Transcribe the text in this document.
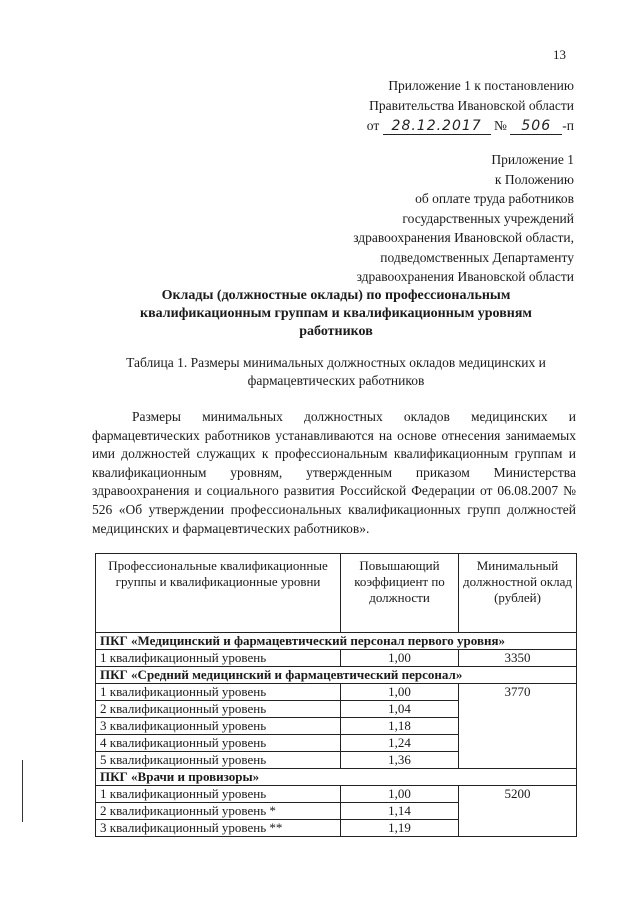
13
Приложение 1 к постановлению
Правительства Ивановской области
от 28.12.2017 № 506 -п
Приложение 1
к Положению
об оплате труда работников
государственных учреждений
здравоохранения Ивановской области,
подведомственных Департаменту
здравоохранения Ивановской области
Оклады (должностные оклады) по профессиональным
квалификационным группам и квалификационным уровням
работников
Таблица 1. Размеры минимальных должностных окладов медицинских и
фармацевтических работников
Размеры минимальных должностных окладов медицинских и фармацевтических работников устанавливаются на основе отнесения занимаемых ими должностей служащих к профессиональным квалификационным группам и квалификационным уровням, утвержденным приказом Министерства здравоохранения и социального развития Российской Федерации от 06.08.2007 № 526 «Об утверждении профессиональных квалификационных групп должностей медицинских и фармацевтических работников».
Профессиональные квалификационные группы и квалификационные уровни	Повышающий коэффициент по должности	Минимальный должностной оклад (рублей)
ПКГ «Медицинский и фармацевтический персонал первого уровня»		
1 квалификационный уровень	1,00	3350
ПКГ «Средний медицинский и фармацевтический персонал»		
1 квалификационный уровень	1,00	3770
2 квалификационный уровень	1,04	
3 квалификационный уровень	1,18	
4 квалификационный уровень	1,24	
5 квалификационный уровень	1,36	
ПКГ «Врачи и провизоры»		
1 квалификационный уровень	1,00	5200
2 квалификационный уровень *	1,14	
3 квалификационный уровень **	1,19	
